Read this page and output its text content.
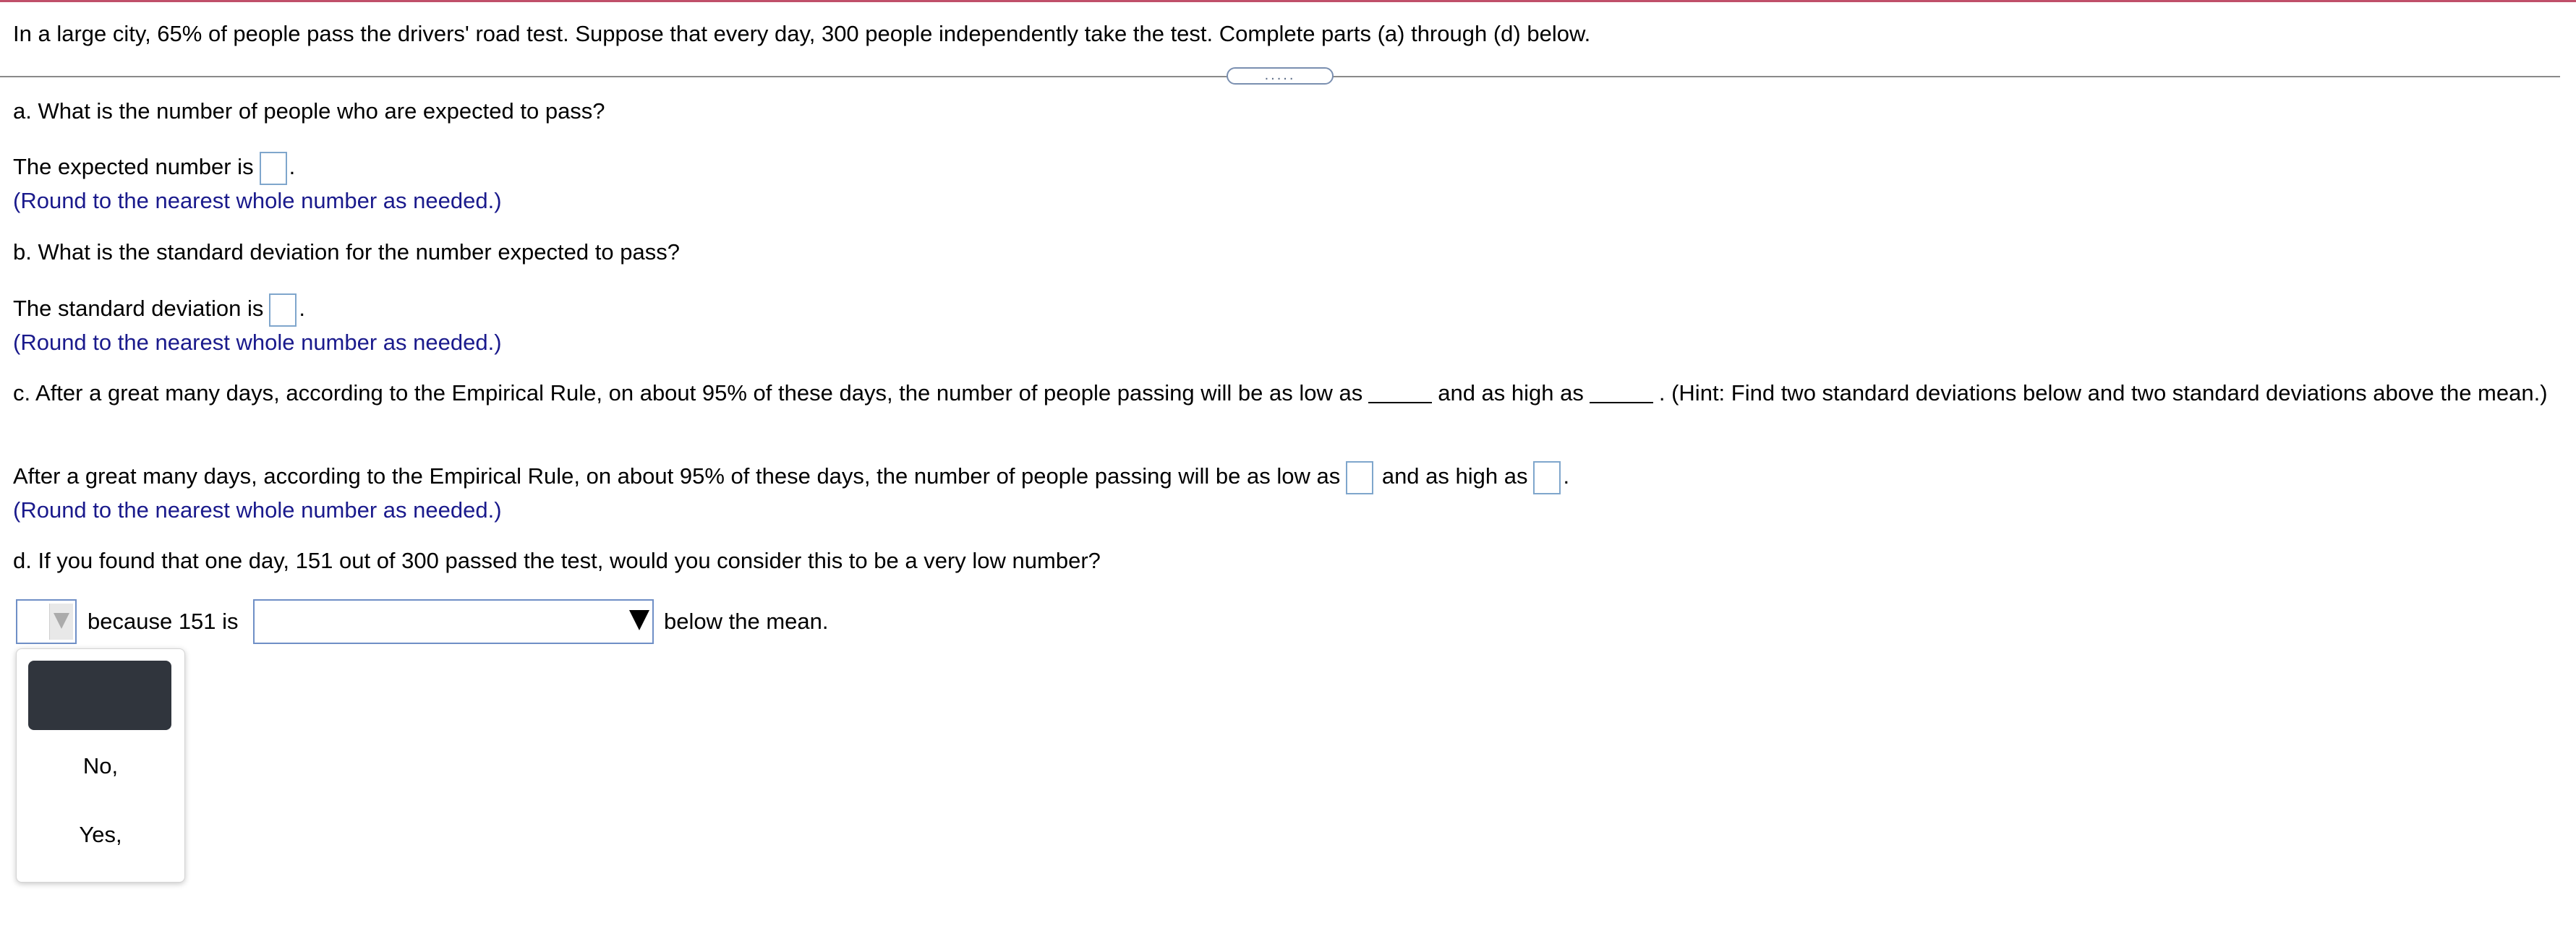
In a large city, 65% of people pass the drivers' road test. Suppose that every day, 300 people independently take the test. Complete parts (a) through (d) below.
.....
a. What is the number of people who are expected to pass?
The expected number is .
(Round to the nearest whole number as needed.)
b. What is the standard deviation for the number expected to pass?
The standard deviation is .
(Round to the nearest whole number as needed.)
c. After a great many days, according to the Empirical Rule, on about 95% of these days, the number of people passing will be as low as	and as high as	. (Hint: Find two standard deviations below and two standard deviations above the mean.)
After a great many days, according to the Empirical Rule, on about 95% of these days, the number of people passing will be as low as and as high as .
(Round to the nearest whole number as needed.)
d. If you found that one day, 151 out of 300 passed the test, would you consider this to be a very low number?
because 151 is	below the mean.
No,
Yes,
